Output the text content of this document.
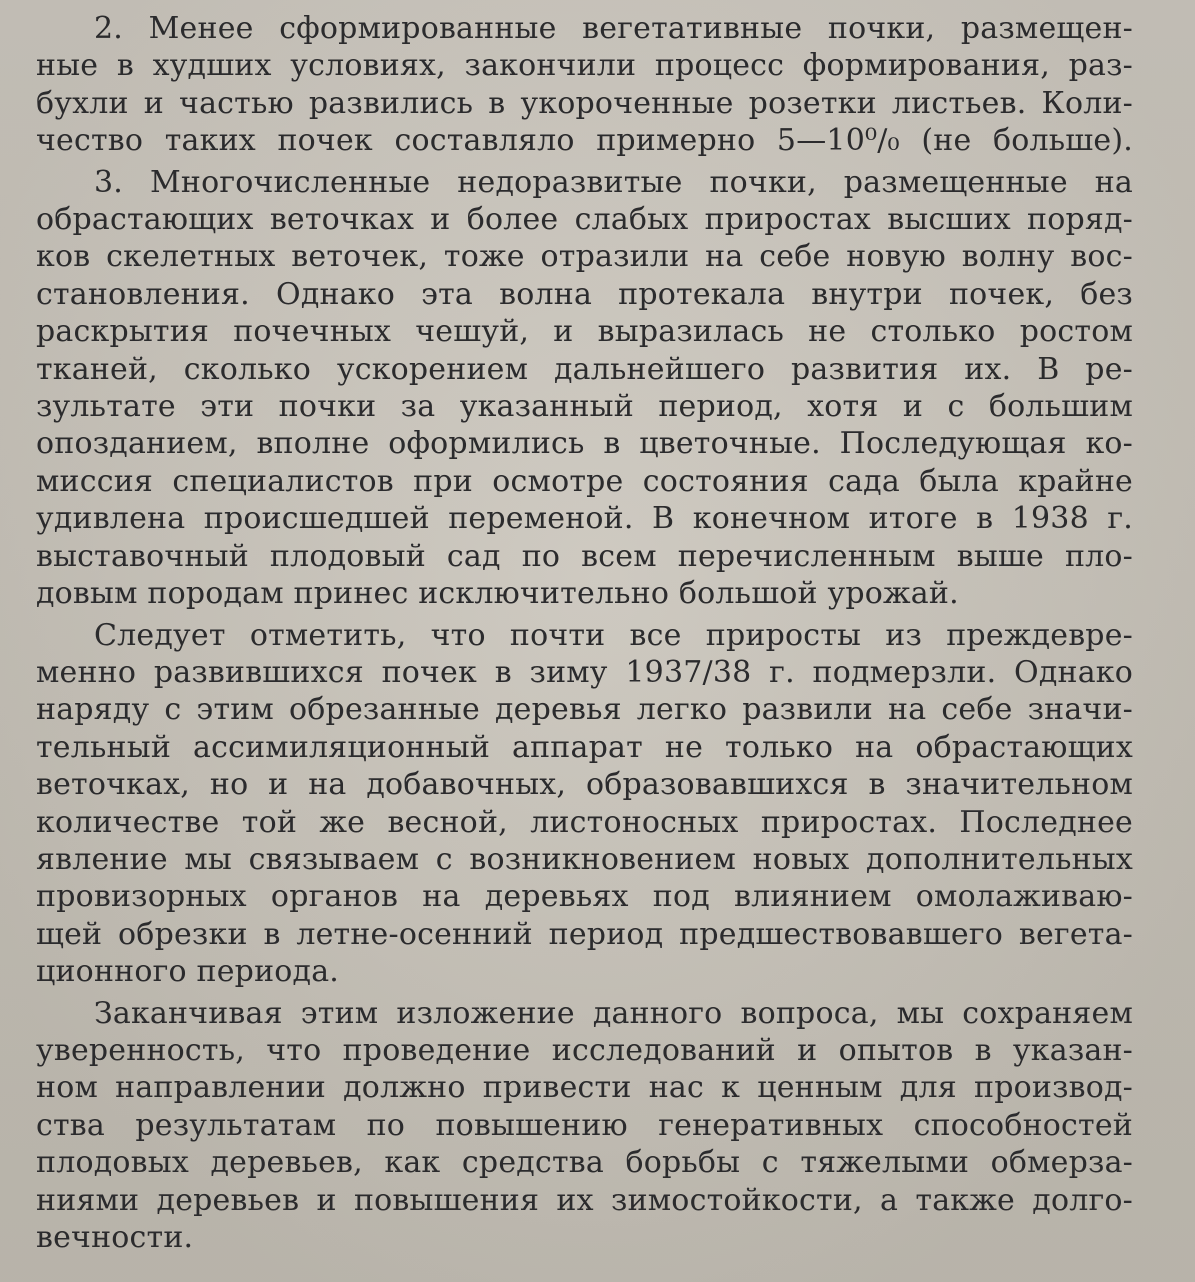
2. Менее сформированные вегетативные почки, размещен-
ные в худших условиях, закончили процесс формирования, раз-
бухли и частью развились в укороченные розетки листьев. Коли-
чество таких почек составляло примерно 5—10⁰/₀ (не больше).
3. Многочисленные недоразвитые почки, размещенные на
обрастающих веточках и более слабых приростах высших поряд-
ков скелетных веточек, тоже отразили на себе новую волну вос-
становления. Однако эта волна протекала внутри почек, без
раскрытия почечных чешуй, и выразилась не столько ростом
тканей, сколько ускорением дальнейшего развития их. В ре-
зультате эти почки за указанный период, хотя и с большим
опозданием, вполне оформились в цветочные. Последующая ко-
миссия специалистов при осмотре состояния сада была крайне
удивлена происшедшей переменой. В конечном итоге в 1938 г.
выставочный плодовый сад по всем перечисленным выше пло-
довым породам принес исключительно большой урожай.
Следует отметить, что почти все приросты из преждевре-
менно развившихся почек в зиму 1937/38 г. подмерзли. Однако
наряду с этим обрезанные деревья легко развили на себе значи-
тельный ассимиляционный аппарат не только на обрастающих
веточках, но и на добавочных, образовавшихся в значительном
количестве той же весной, листоносных приростах. Последнее
явление мы связываем с возникновением новых дополнительных
провизорных органов на деревьях под влиянием омолаживаю-
щей обрезки в летне-осенний период предшествовавшего вегета-
ционного периода.
Заканчивая этим изложение данного вопроса, мы сохраняем
уверенность, что проведение исследований и опытов в указан-
ном направлении должно привести нас к ценным для производ-
ства результатам по повышению генеративных способностей
плодовых деревьев, как средства борьбы с тяжелыми обмерза-
ниями деревьев и повышения их зимостойкости, а также долго-
вечности.
